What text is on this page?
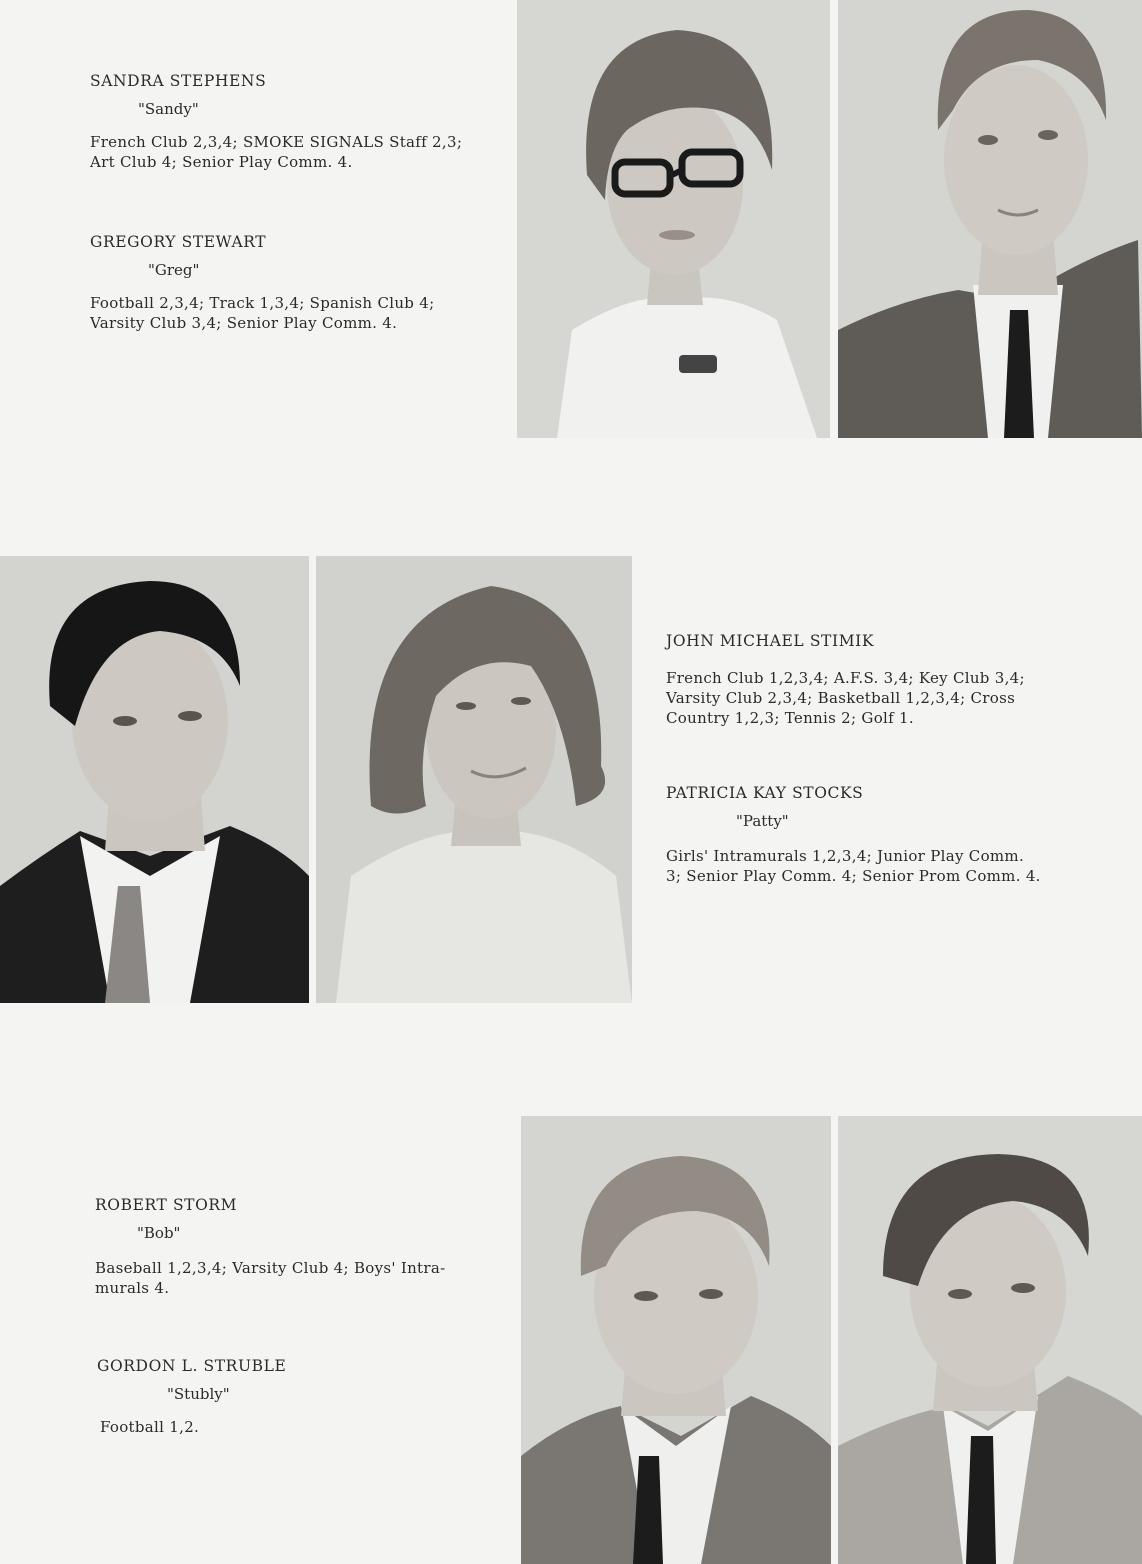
SANDRA STEPHENS
"Sandy"
French Club 2,3,4; SMOKE SIGNALS Staff 2,3;
Art Club 4; Senior Play Comm. 4.
GREGORY STEWART
"Greg"
Football 2,3,4; Track 1,3,4; Spanish Club 4;
Varsity Club 3,4; Senior Play Comm. 4.
JOHN MICHAEL STIMIK
French Club 1,2,3,4; A.F.S. 3,4; Key Club 3,4;
Varsity Club 2,3,4; Basketball 1,2,3,4; Cross
Country 1,2,3; Tennis 2; Golf 1.
PATRICIA KAY STOCKS
"Patty"
Girls' Intramurals 1,2,3,4; Junior Play Comm.
3; Senior Play Comm. 4; Senior Prom Comm. 4.
ROBERT STORM
"Bob"
Baseball 1,2,3,4; Varsity Club 4; Boys' Intra-
murals 4.
GORDON L. STRUBLE
"Stubly"
Football 1,2.
